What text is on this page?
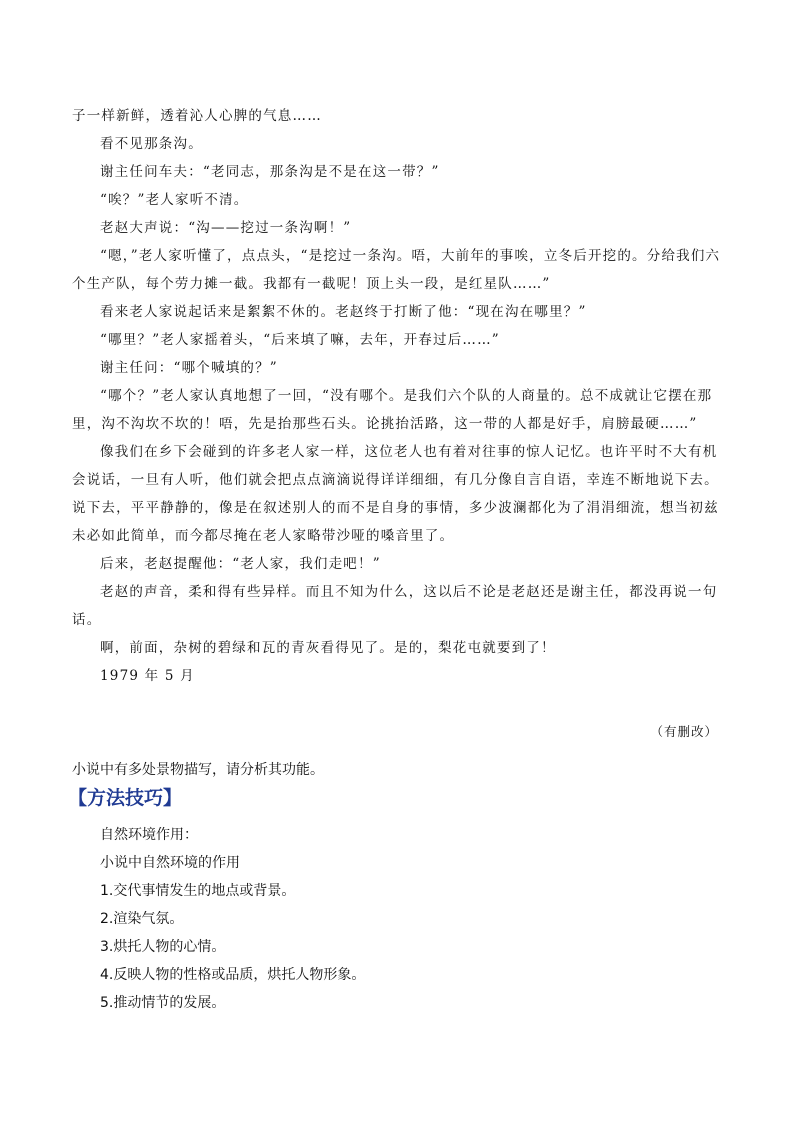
子一样新鲜，透着沁人心脾的气息……

看不见那条沟。

谢主任问车夫：“老同志，那条沟是不是在这一带？”

“唉？”老人家听不清。

老赵大声说：“沟——挖过一条沟啊！”

“嗯，”老人家听懂了，点点头，“是挖过一条沟。唔，大前年的事唉，立冬后开挖的。分给我们六个生产队，每个劳力摊一截。我都有一截呢！顶上头一段，是红星队……”

看来老人家说起话来是絮絮不休的。老赵终于打断了他：“现在沟在哪里？”

“哪里？”老人家摇着头，“后来填了嘛，去年，开春过后……”

谢主任问：“哪个喊填的？”

“哪个？”老人家认真地想了一回，“没有哪个。是我们六个队的人商量的。总不成就让它摆在那里，沟不沟坎不坎的！唔，先是抬那些石头。论挑抬活路，这一带的人都是好手，肩膀最硬……”

像我们在乡下会碰到的许多老人家一样，这位老人也有着对往事的惊人记忆。也许平时不大有机会说话，一旦有人听，他们就会把点点滴滴说得详详细细，有几分像自言自语，幸连不断地说下去。说下去，平平静静的，像是在叙述别人的而不是自身的事情，多少波澜都化为了涓涓细流，想当初兹未必如此简单，而今都尽掩在老人家略带沙哑的嗓音里了。

后来，老赵提醒他：“老人家，我们走吧！”

老赵的声音，柔和得有些异样。而且不知为什么，这以后不论是老赵还是谢主任，都没再说一句话。

啊，前面，杂树的碧绿和瓦的青灰看得见了。是的，梨花屯就要到了！

1979 年 5 月

（有删改）
小说中有多处景物描写，请分析其功能。
【方法技巧】

自然环境作用：

小说中自然环境的作用

1.交代事情发生的地点或背景。

2.渲染气氛。

3.烘托人物的心情。

4.反映人物的性格或品质，烘托人物形象。

5.推动情节的发展。
